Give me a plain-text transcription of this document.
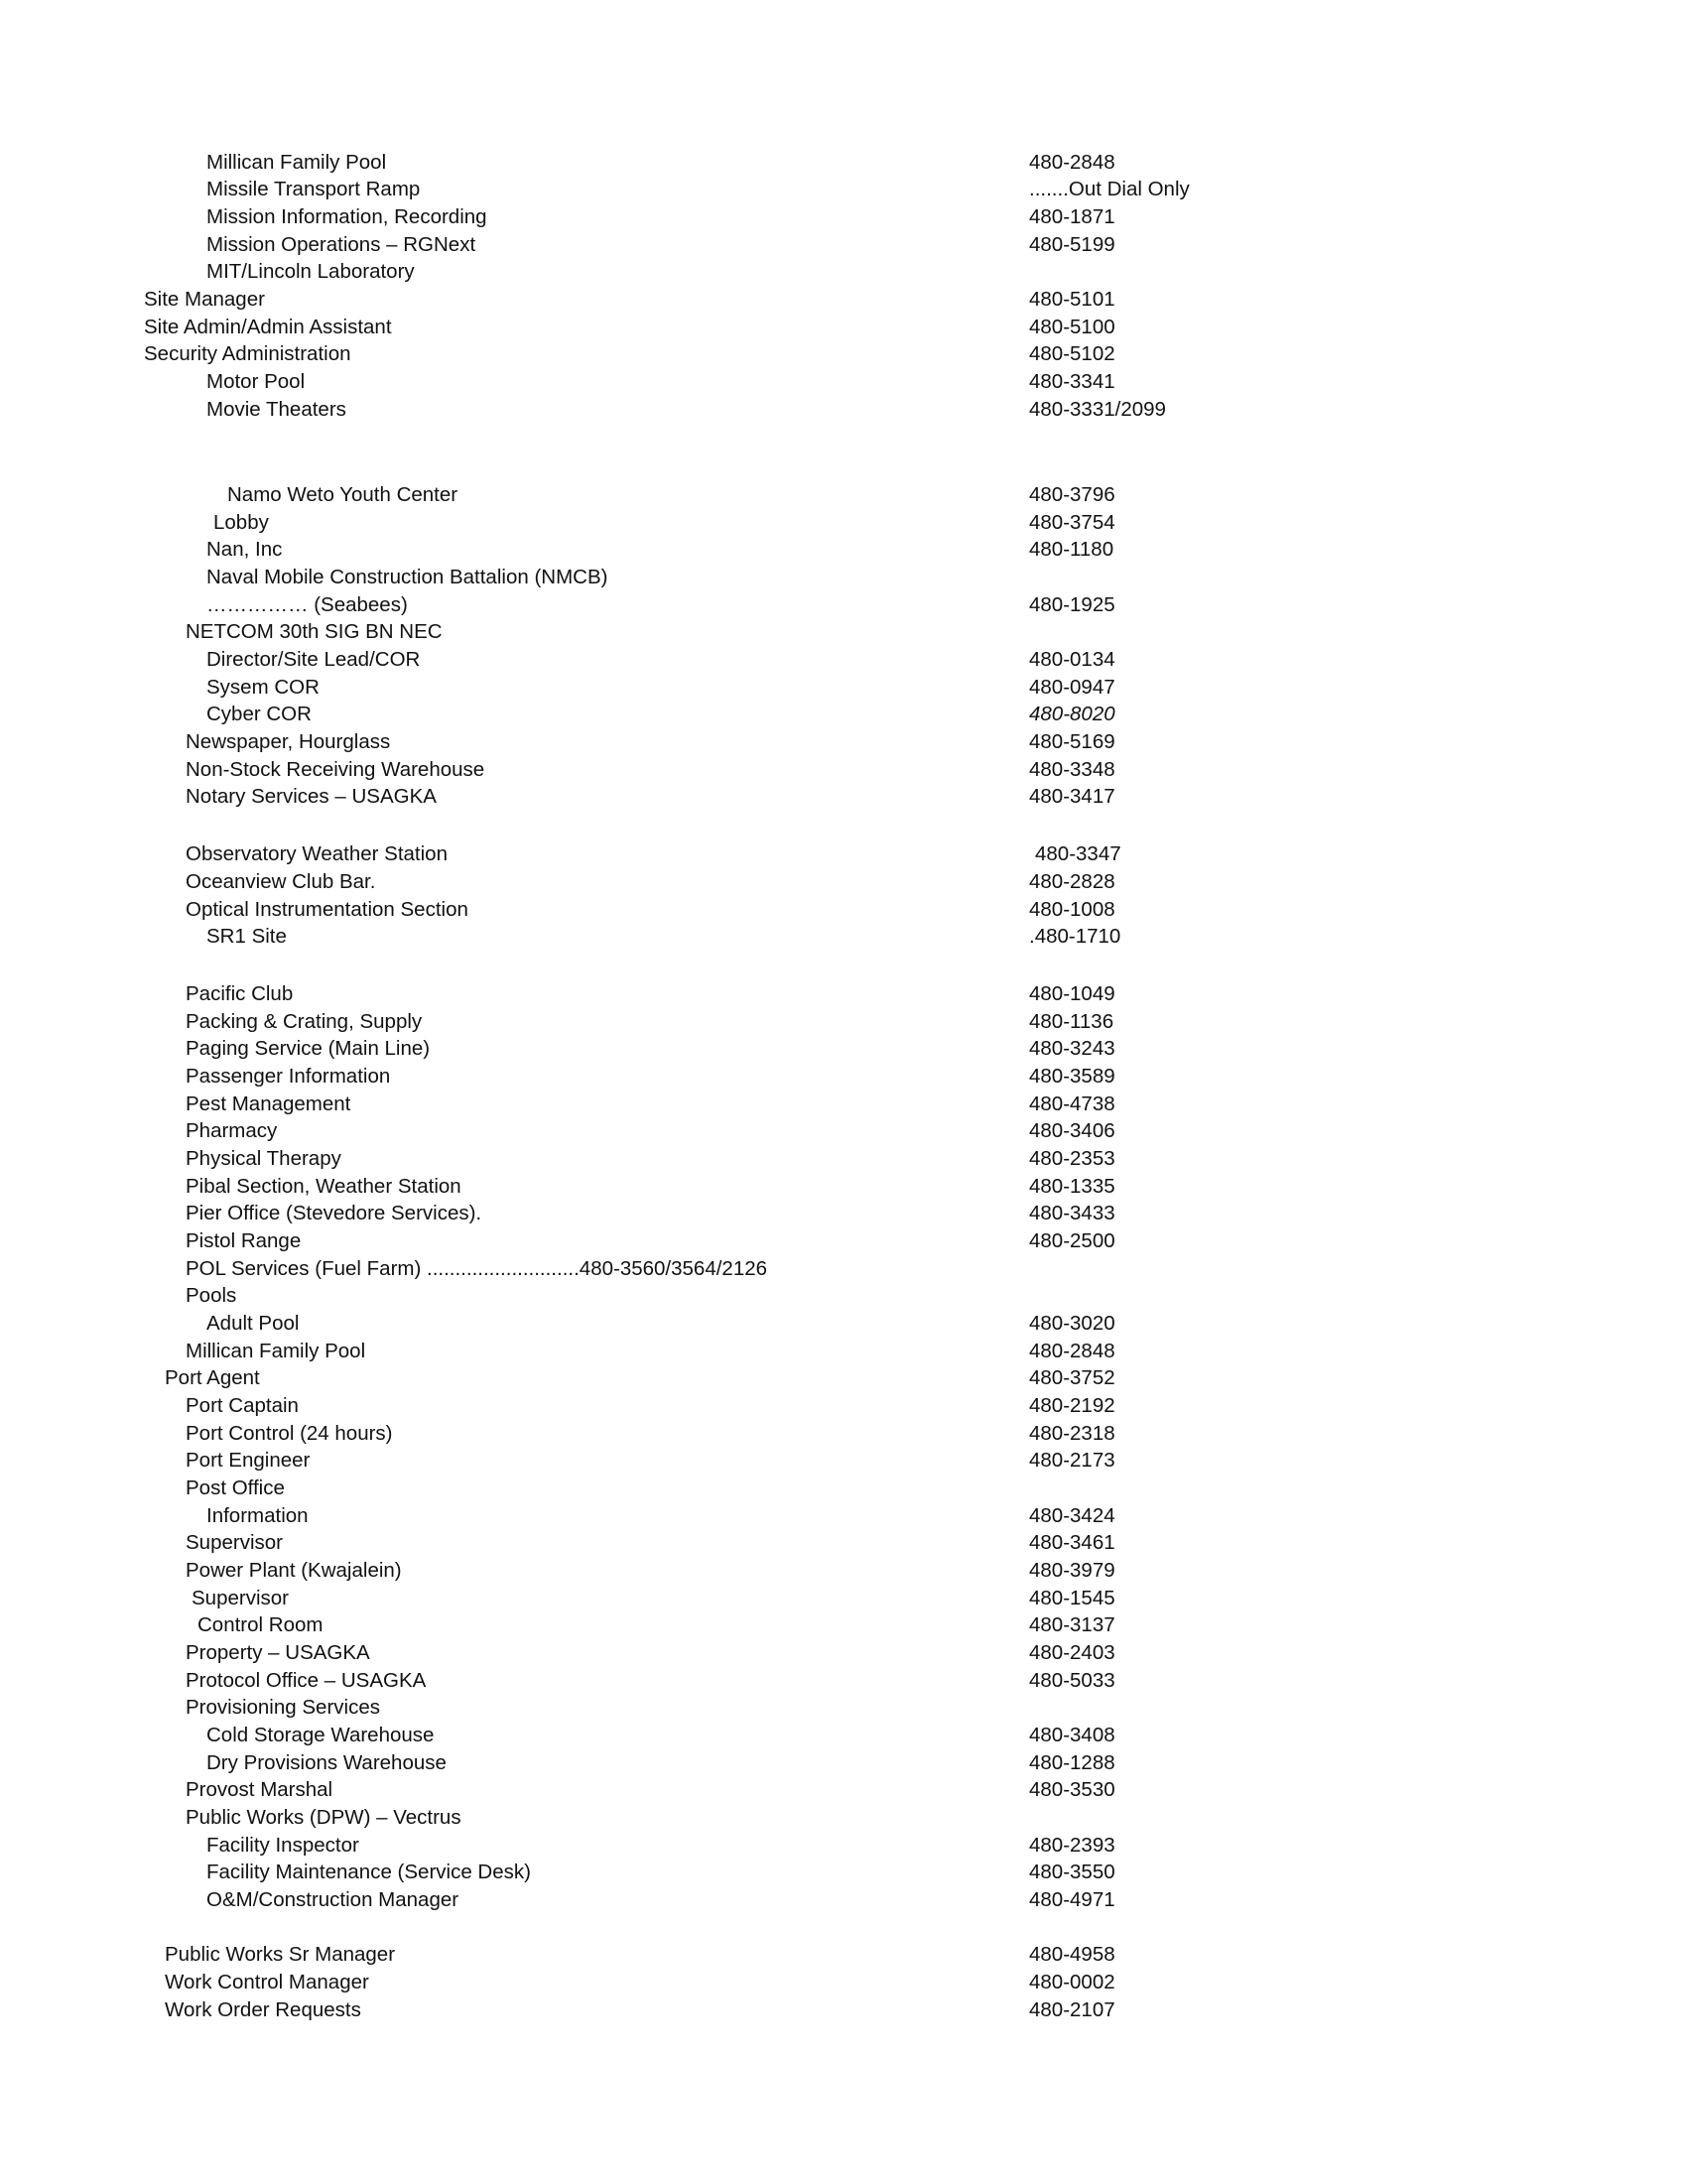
Millican Family Pool	480-2848
Missile Transport Ramp	.......Out Dial Only
Mission Information, Recording	480-1871
Mission Operations – RGNext	480-5199
MIT/Lincoln Laboratory
Site Manager	480-5101
Site Admin/Admin Assistant	480-5100
Security Administration	480-5102
Motor Pool	480-3341
Movie Theaters	480-3331/2099
Namo Weto Youth Center	480-3796
Lobby	480-3754
Nan, Inc	480-1180
Naval Mobile Construction Battalion (NMCB)
…………… (Seabees)	480-1925
NETCOM 30th SIG BN NEC
Director/Site Lead/COR	480-0134
Sysem COR	480-0947
Cyber COR	480-8020
Newspaper, Hourglass	480-5169
Non-Stock Receiving Warehouse	480-3348
Notary Services – USAGKA	480-3417
Observatory Weather Station	480-3347
Oceanview Club Bar.	480-2828
Optical Instrumentation Section	480-1008
SR1 Site	.480-1710
Pacific Club	480-1049
Packing & Crating, Supply	480-1136
Paging Service (Main Line)	480-3243
Passenger Information	480-3589
Pest Management	480-4738
Pharmacy	480-3406
Physical Therapy	480-2353
Pibal Section, Weather Station	480-1335
Pier Office (Stevedore Services).	480-3433
Pistol Range	480-2500
POL Services (Fuel Farm) ...........................480-3560/3564/2126
Pools
Adult Pool	480-3020
Millican Family Pool	480-2848
Port Agent	480-3752
Port Captain	480-2192
Port Control (24 hours)	480-2318
Port Engineer	480-2173
Post Office
Information	480-3424
Supervisor	480-3461
Power Plant (Kwajalein)	480-3979
Supervisor	480-1545
Control Room	480-3137
Property – USAGKA	480-2403
Protocol Office – USAGKA	480-5033
Provisioning Services
Cold Storage Warehouse	480-3408
Dry Provisions Warehouse	480-1288
Provost Marshal	480-3530
Public Works (DPW) – Vectrus
Facility Inspector	480-2393
Facility Maintenance (Service Desk)	480-3550
O&M/Construction Manager	480-4971
Public Works Sr Manager	480-4958
Work Control Manager	480-0002
Work Order Requests	480-2107
